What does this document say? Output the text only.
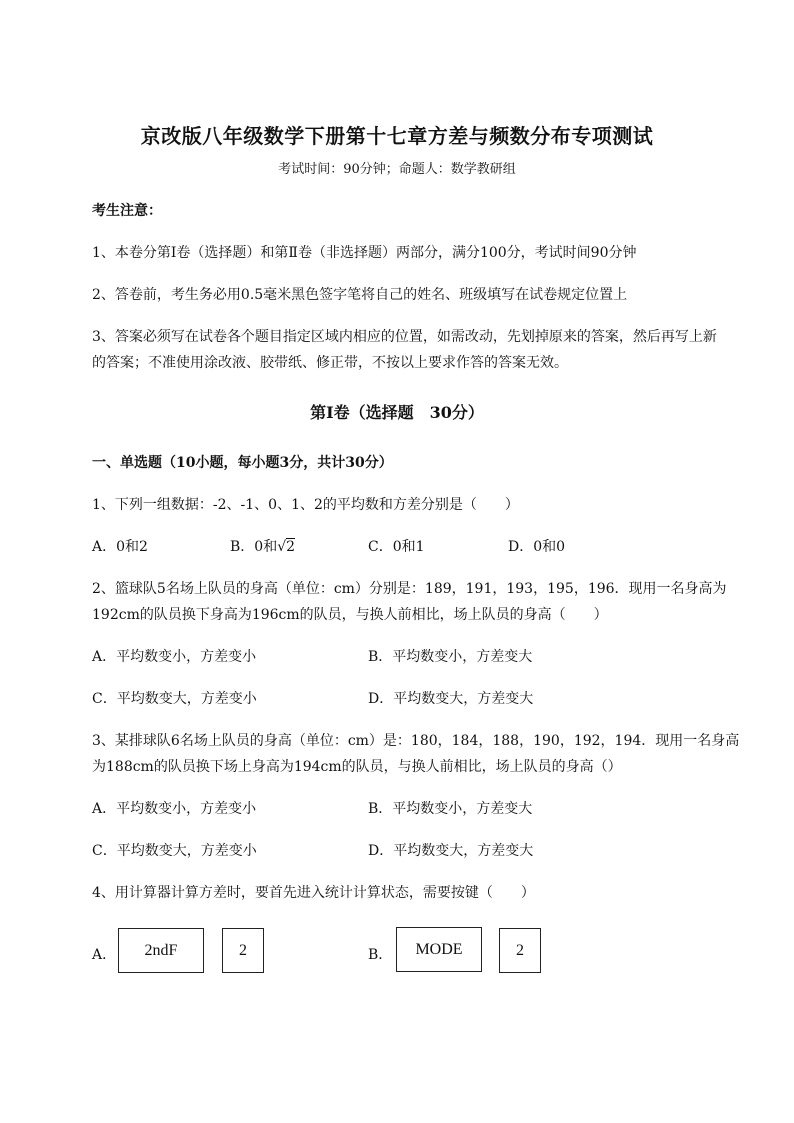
京改版八年级数学下册第十七章方差与频数分布专项测试
考试时间：90分钟；命题人：数学教研组
考生注意：
1、本卷分第I卷（选择题）和第Ⅱ卷（非选择题）两部分，满分100分，考试时间90分钟
2、答卷前，考生务必用0.5毫米黑色签字笔将自己的姓名、班级填写在试卷规定位置上
3、答案必须写在试卷各个题目指定区域内相应的位置，如需改动，先划掉原来的答案，然后再写上新
的答案；不准使用涂改液、胶带纸、修正带，不按以上要求作答的答案无效。
第I卷（选择题　30分）
一、单选题（10小题，每小题3分，共计30分）
1、下列一组数据：-2、-1、0、1、2的平均数和方差分别是（　　）
A．0和2	B．0和√2	C．0和1	D．0和0
2、篮球队5名场上队员的身高（单位：cm）分别是：189，191，193，195，196．现用一名身高为
192cm的队员换下身高为196cm的队员，与换人前相比，场上队员的身高（　　）
A．平均数变小，方差变小	B．平均数变小，方差变大
C．平均数变大，方差变小	D．平均数变大，方差变大
3、某排球队6名场上队员的身高（单位：cm）是：180，184，188，190，192，194．现用一名身高
为188cm的队员换下场上身高为194cm的队员，与换人前相比，场上队员的身高（）
A．平均数变小，方差变小	B．平均数变小，方差变大
C．平均数变大，方差变小	D．平均数变大，方差变大
4、用计算器计算方差时，要首先进入统计计算状态，需要按键（　　）
A．	2ndF	2	B．	MODE	2
